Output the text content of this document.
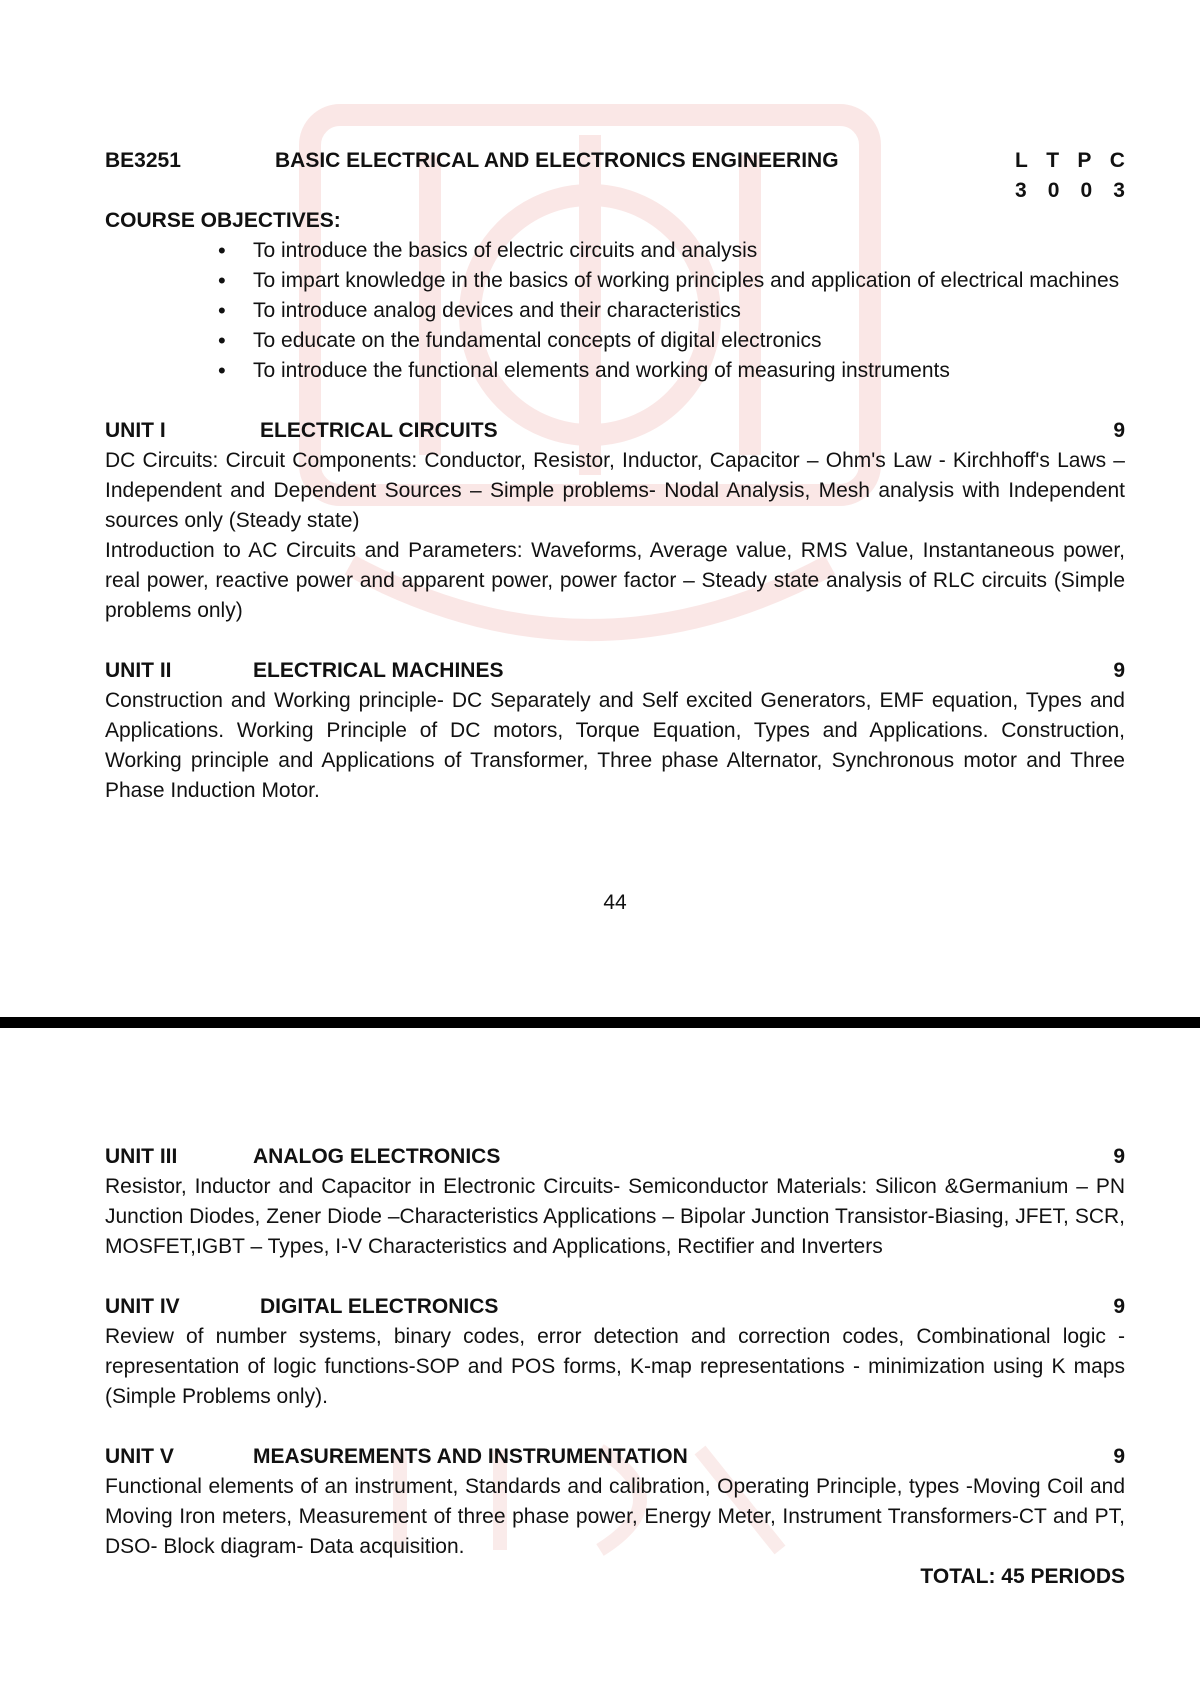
BE3251	BASIC ELECTRICAL AND ELECTRONICS ENGINEERING	L T P C
3 0 0 3
COURSE OBJECTIVES:
• To introduce the basics of electric circuits and analysis
• To impart knowledge in the basics of working principles and application of electrical machines
• To introduce analog devices and their characteristics
• To educate on the fundamental concepts of digital electronics
• To introduce the functional elements and working of measuring instruments
UNIT I	ELECTRICAL CIRCUITS	9
DC Circuits: Circuit Components: Conductor, Resistor, Inductor, Capacitor – Ohm's Law - Kirchhoff's Laws –Independent and Dependent Sources – Simple problems- Nodal Analysis, Mesh analysis with Independent sources only (Steady state)
Introduction to AC Circuits and Parameters: Waveforms, Average value, RMS Value, Instantaneous power, real power, reactive power and apparent power, power factor – Steady state analysis of RLC circuits (Simple problems only)
UNIT II	ELECTRICAL MACHINES	9
Construction and Working principle- DC Separately and Self excited Generators, EMF equation, Types and Applications. Working Principle of DC motors, Torque Equation, Types and Applications. Construction, Working principle and Applications of Transformer, Three phase Alternator, Synchronous motor and Three Phase Induction Motor.
44
UNIT III	ANALOG ELECTRONICS	9
Resistor, Inductor and Capacitor in Electronic Circuits- Semiconductor Materials: Silicon &Germanium – PN Junction Diodes, Zener Diode –Characteristics Applications – Bipolar Junction Transistor-Biasing, JFET, SCR, MOSFET,IGBT – Types, I-V Characteristics and Applications, Rectifier and Inverters
UNIT IV	DIGITAL ELECTRONICS	9
Review of number systems, binary codes, error detection and correction codes, Combinational logic - representation of logic functions-SOP and POS forms, K-map representations - minimization using K maps (Simple Problems only).
UNIT V	MEASUREMENTS AND INSTRUMENTATION	9
Functional elements of an instrument, Standards and calibration, Operating Principle, types -Moving Coil and Moving Iron meters, Measurement of three phase power, Energy Meter, Instrument Transformers-CT and PT, DSO- Block diagram- Data acquisition.
TOTAL: 45 PERIODS
